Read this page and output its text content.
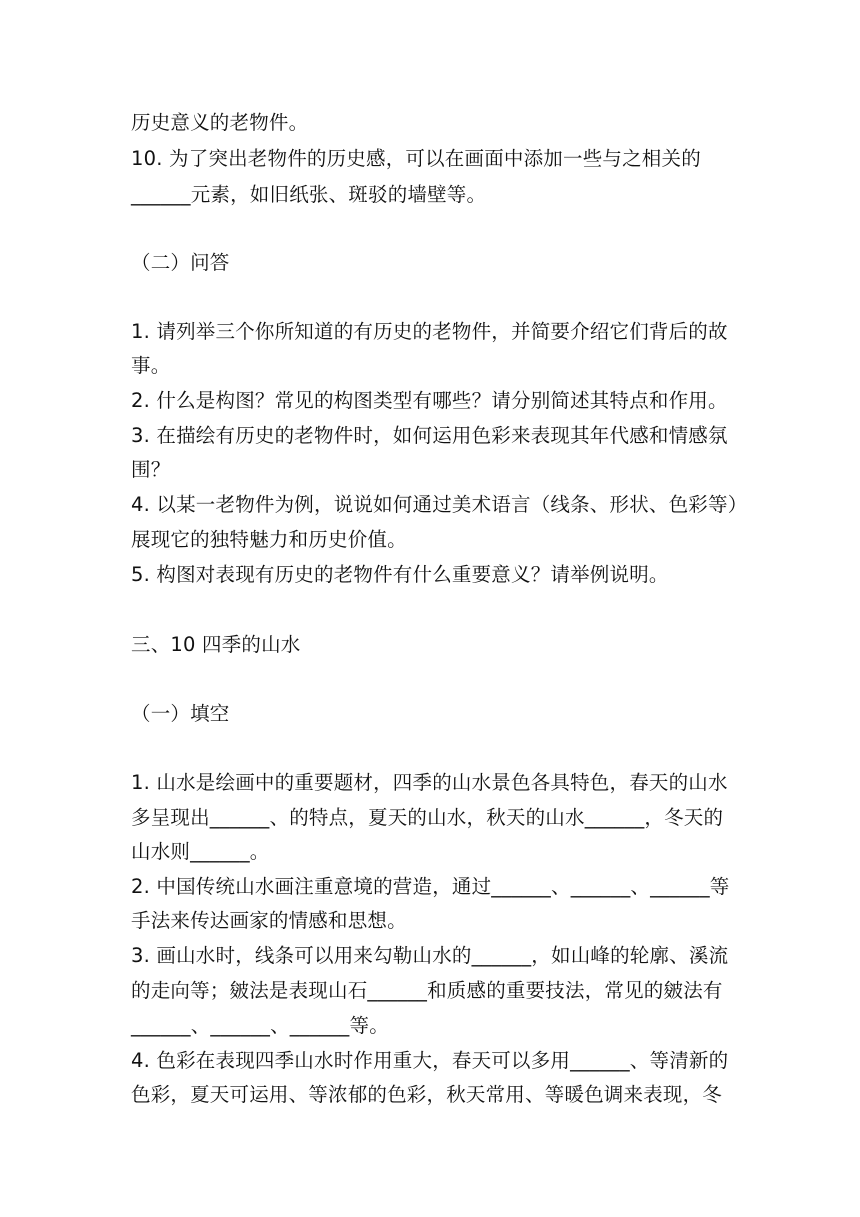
历史意义的老物件。
10. 为了突出老物件的历史感，可以在画面中添加一些与之相关的
______元素，如旧纸张、斑驳的墙壁等。
（二）问答
1. 请列举三个你所知道的有历史的老物件，并简要介绍它们背后的故
事。
2. 什么是构图？常见的构图类型有哪些？请分别简述其特点和作用。
3. 在描绘有历史的老物件时，如何运用色彩来表现其年代感和情感氛
围？
4. 以某一老物件为例，说说如何通过美术语言（线条、形状、色彩等）
展现它的独特魅力和历史价值。
5. 构图对表现有历史的老物件有什么重要意义？请举例说明。
三、10 四季的山水
（一）填空
1. 山水是绘画中的重要题材，四季的山水景色各具特色，春天的山水
多呈现出______、的特点，夏天的山水，秋天的山水______，冬天的
山水则______。
2. 中国传统山水画注重意境的营造，通过______、______、______等
手法来传达画家的情感和思想。
3. 画山水时，线条可以用来勾勒山水的______，如山峰的轮廓、溪流
的走向等；皴法是表现山石______和质感的重要技法，常见的皴法有
______、______、______等。
4. 色彩在表现四季山水时作用重大，春天可以多用______、等清新的
色彩，夏天可运用、等浓郁的色彩，秋天常用、等暖色调来表现，冬
